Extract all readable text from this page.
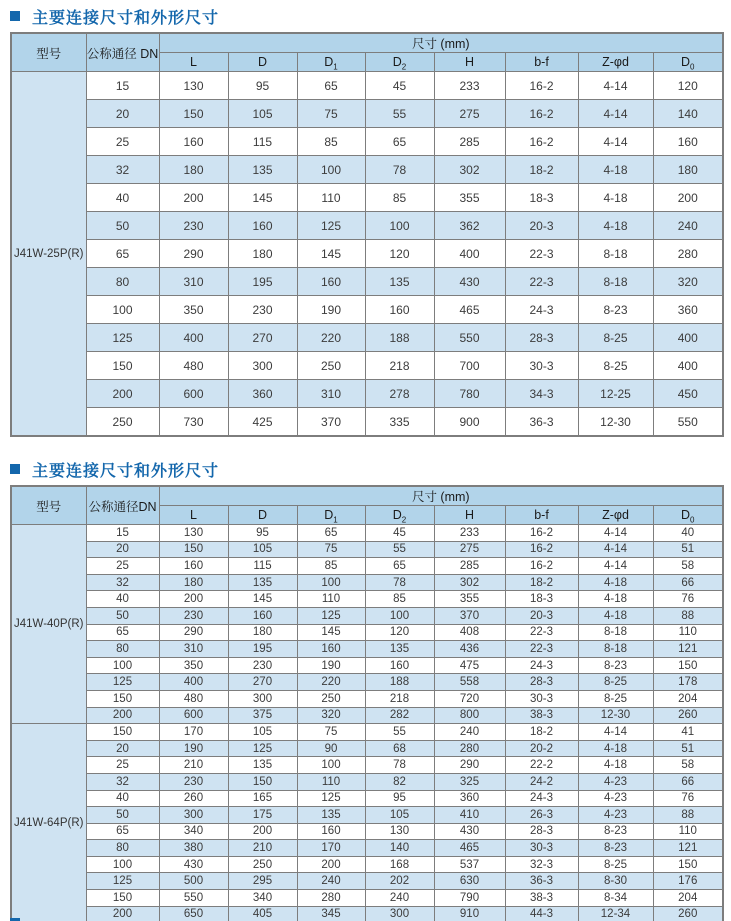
主要连接尺寸和外形尺寸
型号	公称通径 DN	尺寸 (mm)							
		L	D	$D_1$	$D_2$	H	b-f	Z-φd	$D_0$
J41W-25P(R)	15	130	95	65	45	233	16-2	4-14	120
	20	150	105	75	55	275	16-2	4-14	140
	25	160	115	85	65	285	16-2	4-14	160
	32	180	135	100	78	302	18-2	4-18	180
	40	200	145	110	85	355	18-3	4-18	200
	50	230	160	125	100	362	20-3	4-18	240
	65	290	180	145	120	400	22-3	8-18	280
	80	310	195	160	135	430	22-3	8-18	320
	100	350	230	190	160	465	24-3	8-23	360
	125	400	270	220	188	550	28-3	8-25	400
	150	480	300	250	218	700	30-3	8-25	400
	200	600	360	310	278	780	34-3	12-25	450
	250	730	425	370	335	900	36-3	12-30	550
主要连接尺寸和外形尺寸
型号	公称通径DN	尺寸 (mm)							
		L	D	$D_1$	$D_2$	H	b-f	Z-φd	$D_0$
J41W-40P(R)	15	130	95	65	45	233	16-2	4-14	40
	20	150	105	75	55	275	16-2	4-14	51
	25	160	115	85	65	285	16-2	4-14	58
	32	180	135	100	78	302	18-2	4-18	66
	40	200	145	110	85	355	18-3	4-18	76
	50	230	160	125	100	370	20-3	4-18	88
	65	290	180	145	120	408	22-3	8-18	110
	80	310	195	160	135	436	22-3	8-18	121
	100	350	230	190	160	475	24-3	8-23	150
	125	400	270	220	188	558	28-3	8-25	178
	150	480	300	250	218	720	30-3	8-25	204
	200	600	375	320	282	800	38-3	12-30	260
J41W-64P(R)	150	170	105	75	55	240	18-2	4-14	41
	20	190	125	90	68	280	20-2	4-18	51
	25	210	135	100	78	290	22-2	4-18	58
	32	230	150	110	82	325	24-2	4-23	66
	40	260	165	125	95	360	24-3	4-23	76
	50	300	175	135	105	410	26-3	4-23	88
	65	340	200	160	130	430	28-3	8-23	110
	80	380	210	170	140	465	30-3	8-23	121
	100	430	250	200	168	537	32-3	8-25	150
	125	500	295	240	202	630	36-3	8-30	176
	150	550	340	280	240	790	38-3	8-34	204
	200	650	405	345	300	910	44-3	12-34	260
